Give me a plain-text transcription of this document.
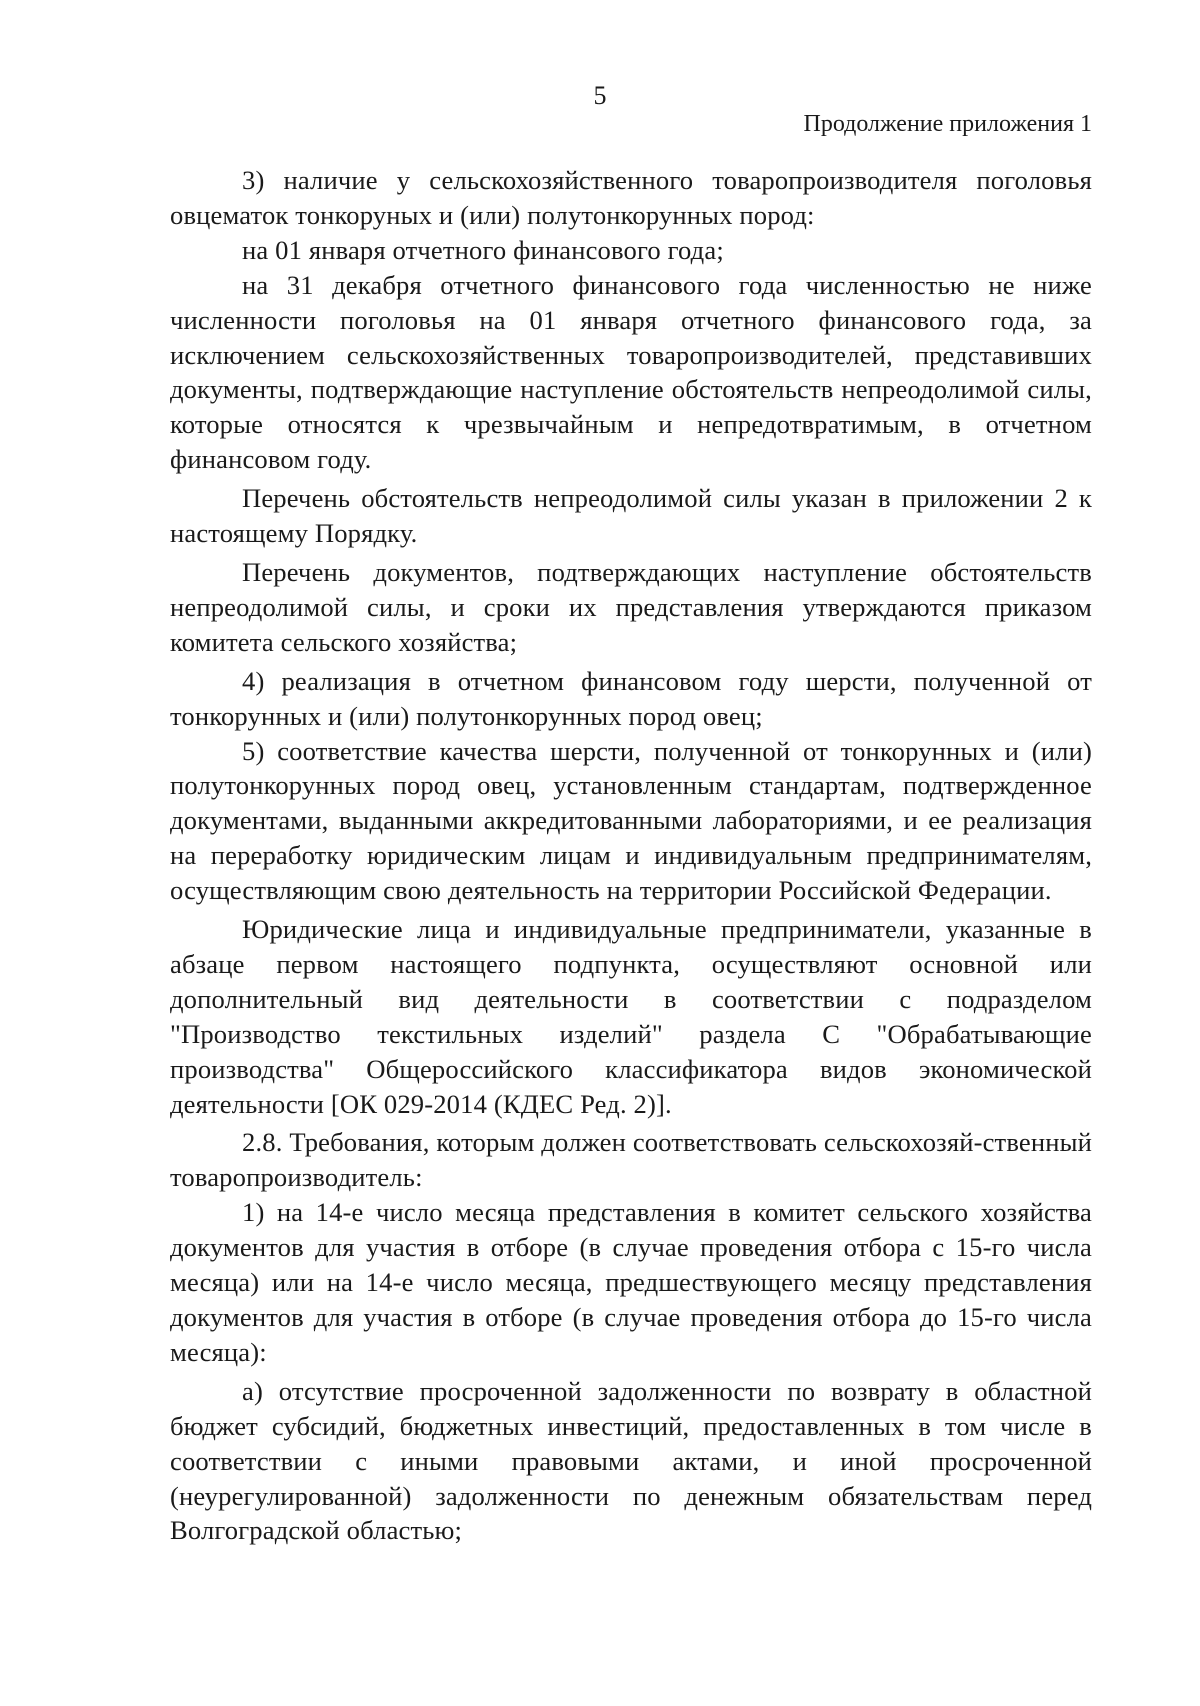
5
Продолжение приложения 1

3) наличие у сельскохозяйственного товаропроизводителя поголовья овцематок тонкоруных и (или) полутонкорунных пород:

на 01 января отчетного финансового года;

на 31 декабря отчетного финансового года численностью не ниже численности поголовья на 01 января отчетного финансового года, за исключением сельскохозяйственных товаропроизводителей, представивших документы, подтверждающие наступление обстоятельств непреодолимой силы, которые относятся к чрезвычайным и непредотвратимым, в отчетном финансовом году.

Перечень обстоятельств непреодолимой силы указан в приложении 2 к настоящему Порядку.

Перечень документов, подтверждающих наступление обстоятельств непреодолимой силы, и сроки их представления утверждаются приказом комитета сельского хозяйства;

4) реализация в отчетном финансовом году шерсти, полученной от тонкорунных и (или) полутонкорунных пород овец;

5) соответствие качества шерсти, полученной от тонкорунных и (или) полутонкорунных пород овец, установленным стандартам, подтвержденное документами, выданными аккредитованными лабораториями, и ее реализация на переработку юридическим лицам и индивидуальным предпринимателям, осуществляющим свою деятельность на территории Российской Федерации.

Юридические лица и индивидуальные предприниматели, указанные в абзаце первом настоящего подпункта, осуществляют основной или дополнительный вид деятельности в соответствии с подразделом "Производство текстильных изделий" раздела С "Обрабатывающие производства" Общероссийского классификатора видов экономической деятельности [ОК 029-2014 (КДЕС Ред. 2)].

2.8. Требования, которым должен соответствовать сельскохозяй-ственный товаропроизводитель:

1) на 14-е число месяца представления в комитет сельского хозяйства документов для участия в отборе (в случае проведения отбора с 15-го числа месяца) или на 14-е число месяца, предшествующего месяцу представления документов для участия в отборе (в случае проведения отбора до 15-го числа месяца):

а) отсутствие просроченной задолженности по возврату в областной бюджет субсидий, бюджетных инвестиций, предоставленных в том числе в соответствии с иными правовыми актами, и иной просроченной (неурегулированной) задолженности по денежным обязательствам перед Волгоградской областью;
